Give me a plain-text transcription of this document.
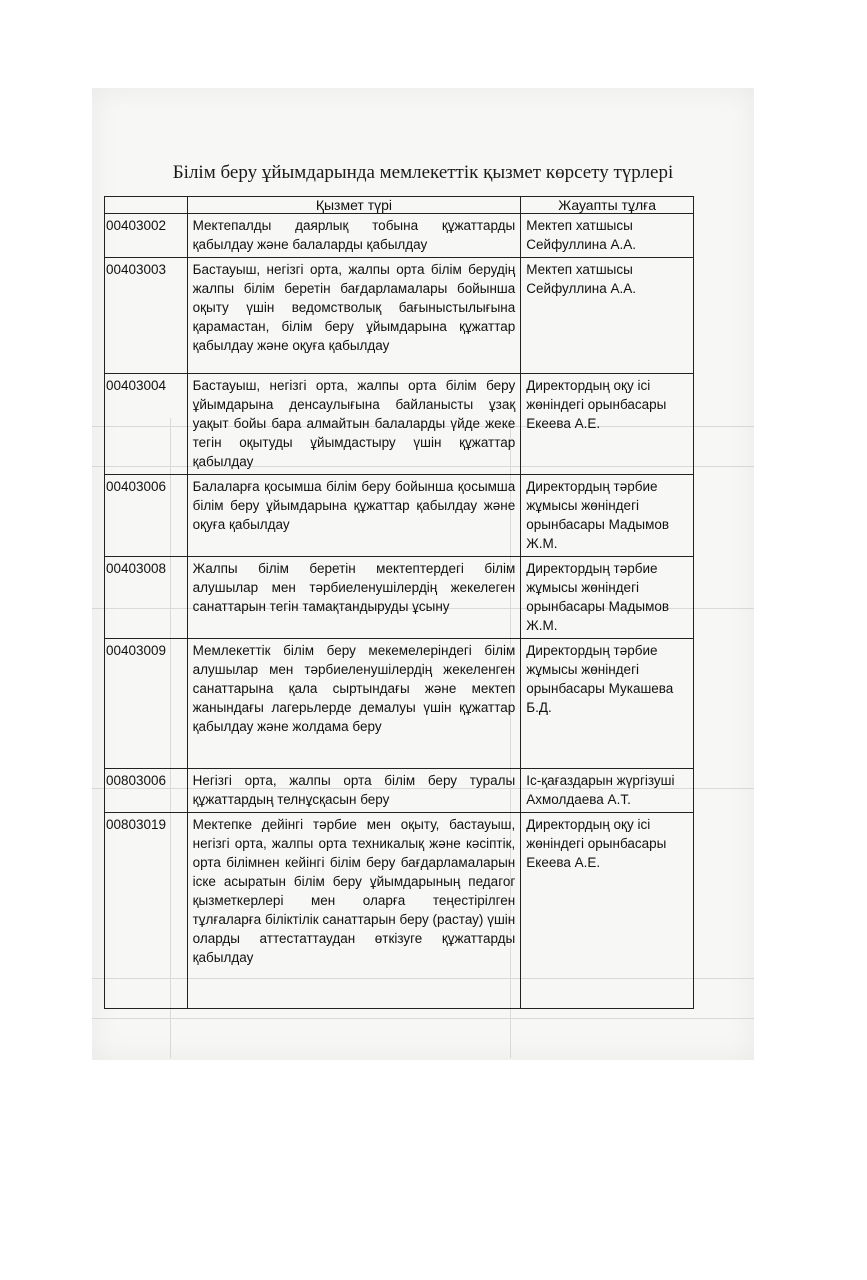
Білім беру ұйымдарында мемлекеттік қызмет көрсету түрлері
	Қызмет түрі	Жауапты тұлға
00403002	Мектепалды даярлық тобына құжаттарды қабылдау және балаларды қабылдау	Мектеп хатшысы Сейфуллина А.А.
00403003	Бастауыш, негізгі орта, жалпы орта білім берудің жалпы білім беретін бағдарламалары бойынша оқыту үшін ведомстволық бағыныстылығына қарамастан, білім беру ұйымдарына құжаттар қабылдау және оқуға қабылдау	Мектеп хатшысы Сейфуллина А.А.
00403004	Бастауыш, негізгі орта, жалпы орта білім беру ұйымдарына денсаулығына байланысты ұзақ уақыт бойы бара алмайтын балаларды үйде жеке тегін оқытуды ұйымдастыру үшін құжаттар қабылдау	Директордың оқу ісі жөніндегі орынбасары Екеева А.Е.
00403006	Балаларға қосымша білім беру бойынша қосымша білім беру ұйымдарына құжаттар қабылдау және оқуға қабылдау	Директордың тәрбие жұмысы жөніндегі орынбасары Мадымов Ж.М.
00403008	Жалпы білім беретін мектептердегі білім алушылар мен тәрбиеленушілердің жекелеген санаттарын тегін тамақтандыруды ұсыну	Директордың тәрбие жұмысы жөніндегі орынбасары Мадымов Ж.М.
00403009	Мемлекеттік білім беру мекемелеріндегі білім алушылар мен тәрбиеленушілердің жекеленген санаттарына қала сыртындағы және мектеп жанындағы лагерьлерде демалуы үшін құжаттар қабылдау және жолдама беру	Директордың тәрбие жұмысы жөніндегі орынбасары Мукашева Б.Д.
00803006	Негізгі орта, жалпы орта білім беру туралы құжаттардың телнұсқасын беру	Іс-қағаздарын жүргізуші Ахмолдаева А.Т.
00803019	Мектепке дейінгі тәрбие мен оқыту, бастауыш, негізгі орта, жалпы орта техникалық және кәсіптік, орта білімнен кейінгі білім беру бағдарламаларын іске асыратын білім беру ұйымдарының педагог қызметкерлері мен оларға теңестірілген тұлғаларға біліктілік санаттарын беру (растау) үшін оларды аттестаттаудан өткізуге құжаттарды қабылдау	Директордың оқу ісі жөніндегі орынбасары Екеева А.Е.
